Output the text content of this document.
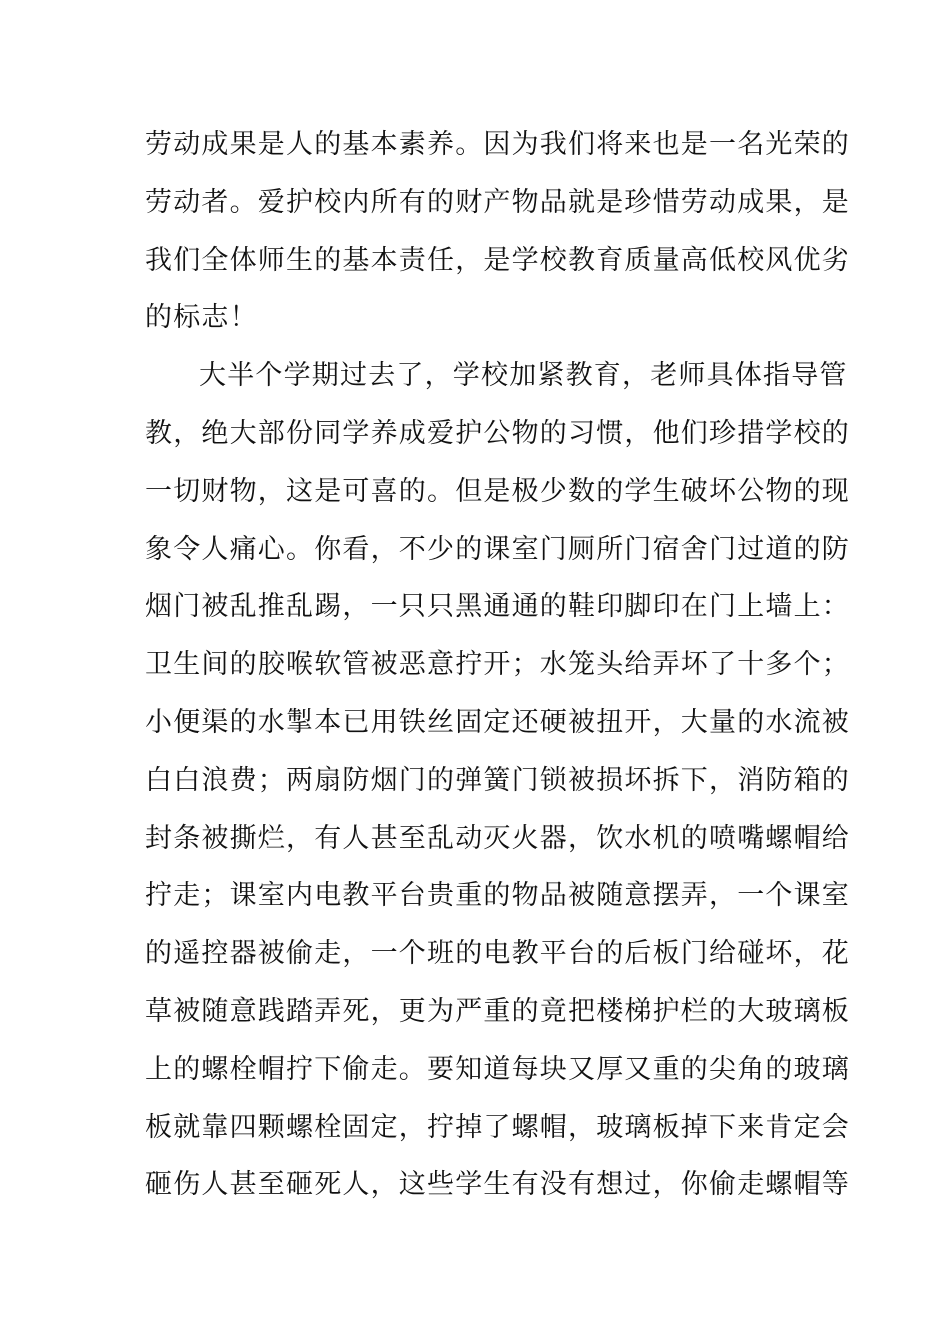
劳动成果是人的基本素养。因为我们将来也是一名光荣的
劳动者。爱护校内所有的财产物品就是珍惜劳动成果，是
我们全体师生的基本责任，是学校教育质量高低校风优劣
的标志！
大半个学期过去了，学校加紧教育，老师具体指导管
教，绝大部份同学养成爱护公物的习惯，他们珍措学校的
一切财物，这是可喜的。但是极少数的学生破坏公物的现
象令人痛心。你看，不少的课室门厕所门宿舍门过道的防
烟门被乱推乱踢，一只只黑通通的鞋印脚印在门上墙上：
卫生间的胶喉软管被恶意拧开；水笼头给弄坏了十多个；
小便渠的水掣本已用铁丝固定还硬被扭开，大量的水流被
白白浪费；两扇防烟门的弹簧门锁被损坏拆下，消防箱的
封条被撕烂，有人甚至乱动灭火器，饮水机的喷嘴螺帽给
拧走；课室内电教平台贵重的物品被随意摆弄，一个课室
的遥控器被偷走，一个班的电教平台的后板门给碰坏，花
草被随意践踏弄死，更为严重的竟把楼梯护栏的大玻璃板
上的螺栓帽拧下偷走。要知道每块又厚又重的尖角的玻璃
板就靠四颗螺栓固定，拧掉了螺帽，玻璃板掉下来肯定会
砸伤人甚至砸死人，这些学生有没有想过，你偷走螺帽等
